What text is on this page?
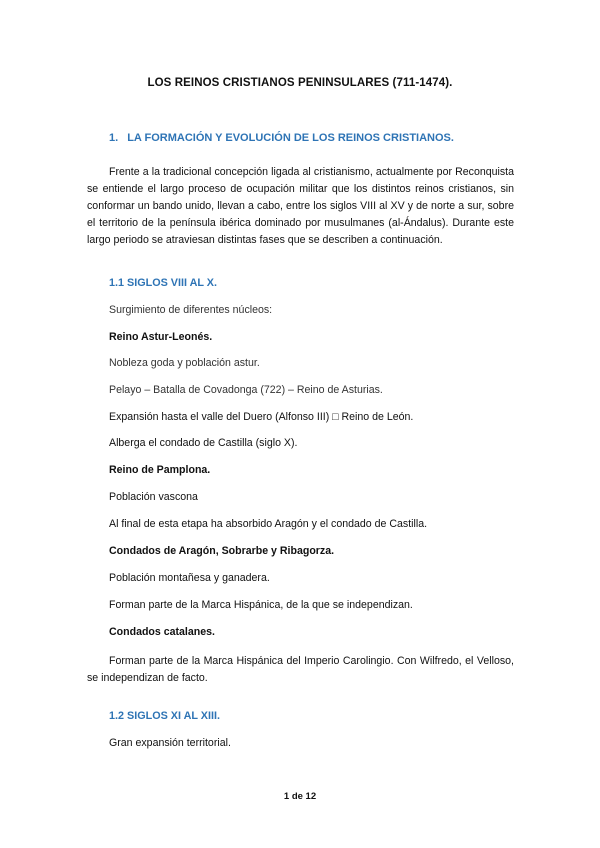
LOS REINOS CRISTIANOS PENINSULARES (711-1474).
1. LA FORMACIÓN Y EVOLUCIÓN DE LOS REINOS CRISTIANOS.

Frente a la tradicional concepción ligada al cristianismo, actualmente por Reconquista se entiende el largo proceso de ocupación militar que los distintos reinos cristianos, sin conformar un bando unido, llevan a cabo, entre los siglos VIII al XV y de norte a sur, sobre el territorio de la península ibérica dominado por musulmanes (al-Ándalus). Durante este largo periodo se atraviesan distintas fases que se describen a continuación.

1.1 SIGLOS VIII AL X.
Surgimiento de diferentes núcleos:
Reino Astur-Leonés.
Nobleza goda y población astur.
Pelayo – Batalla de Covadonga (722) – Reino de Asturias.
Expansión hasta el valle del Duero (Alfonso III) □ Reino de León.
Alberga el condado de Castilla (siglo X).
Reino de Pamplona.
Población vascona
Al final de esta etapa ha absorbido Aragón y el condado de Castilla.
Condados de Aragón, Sobrarbe y Ribagorza.
Población montañesa y ganadera.
Forman parte de la Marca Hispánica, de la que se independizan.
Condados catalanes.

Forman parte de la Marca Hispánica del Imperio Carolingio. Con Wilfredo, el Velloso, se independizan de facto.

1.2 SIGLOS XI AL XIII.
Gran expansión territorial.
1 de 12
